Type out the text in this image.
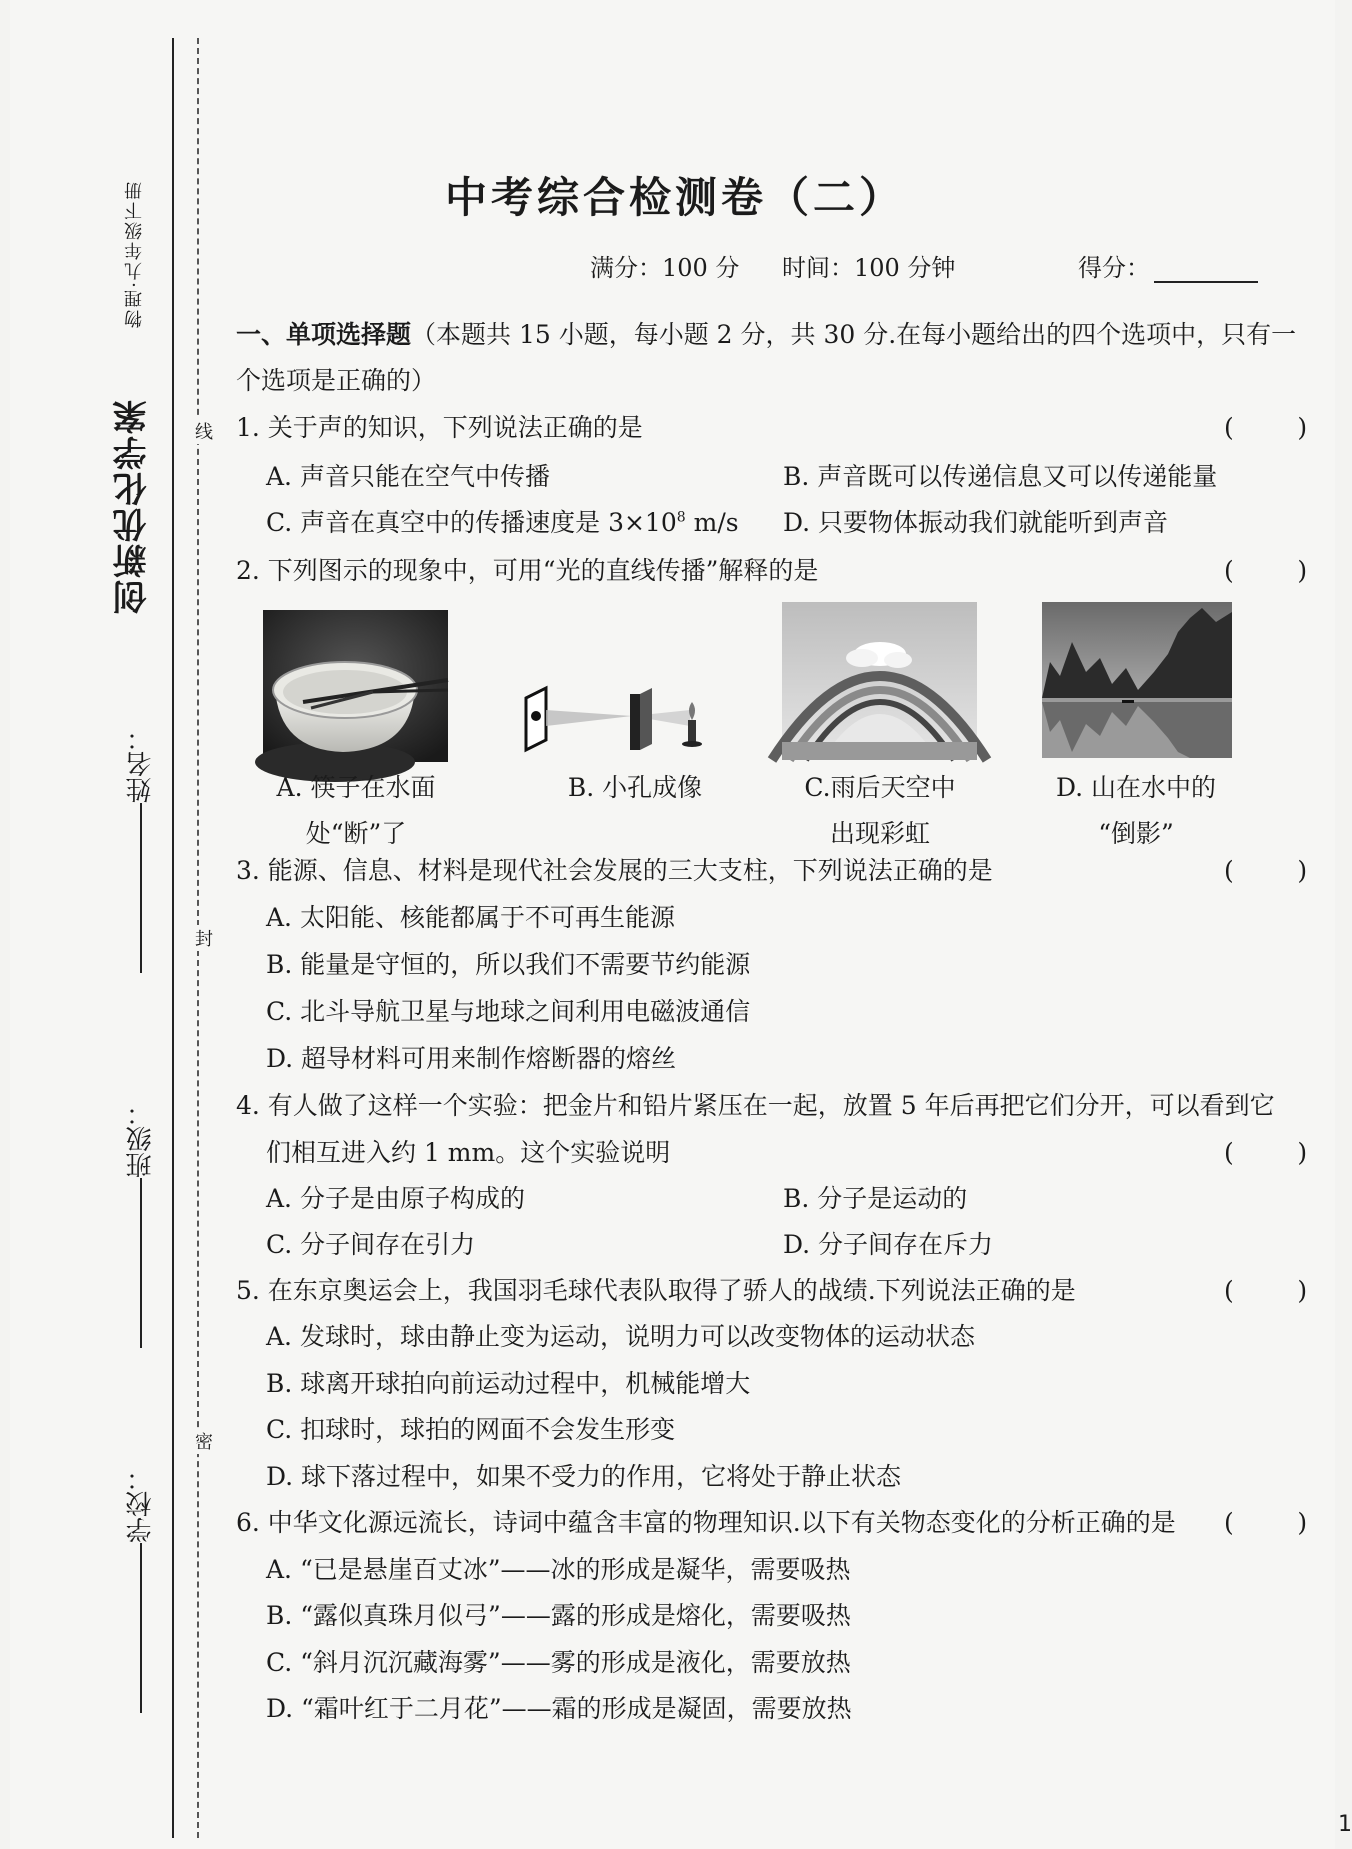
物理·九年级下册
创新优化学案
姓名：
班级：
学校：
线
封
密
中考综合检测卷（二）
满分：100 分 时间：100 分钟	得分：
一、单项选择题（本题共 15 小题，每小题 2 分，共 30 分.在每小题给出的四个选项中，只有一
个选项是正确的）
1. 关于声的知识，下列说法正确的是	(        )
A. 声音只能在空气中传播	B. 声音既可以传递信息又可以传递能量
C. 声音在真空中的传播速度是 $3\times 10^8$ m/s D. 只要物体振动我们就能听到声音
2. 下列图示的现象中，可用“光的直线传播”解释的是	(        )
A. 筷子在水面
处“断”了
B. 小孔成像	C.雨后天空中
出现彩虹
D. 山在水中的
“倒影”
3. 能源、信息、材料是现代社会发展的三大支柱，下列说法正确的是	(        )
A. 太阳能、核能都属于不可再生能源
B. 能量是守恒的，所以我们不需要节约能源
C. 北斗导航卫星与地球之间利用电磁波通信
D. 超导材料可用来制作熔断器的熔丝
4. 有人做了这样一个实验：把金片和铅片紧压在一起，放置 5 年后再把它们分开，可以看到它
们相互进入约 1 mm。这个实验说明	(        )
A. 分子是由原子构成的	B. 分子是运动的
C. 分子间存在引力	D. 分子间存在斥力
5. 在东京奥运会上，我国羽毛球代表队取得了骄人的战绩.下列说法正确的是	(        )
A. 发球时，球由静止变为运动，说明力可以改变物体的运动状态
B. 球离开球拍向前运动过程中，机械能增大
C. 扣球时，球拍的网面不会发生形变
D. 球下落过程中，如果不受力的作用，它将处于静止状态
6. 中华文化源远流长，诗词中蕴含丰富的物理知识.以下有关物态变化的分析正确的是 (        )
A. “已是悬崖百丈冰”——冰的形成是凝华，需要吸热
B. “露似真珠月似弓”——露的形成是熔化，需要吸热
C. “斜月沉沉藏海雾”——雾的形成是液化，需要放热
D. “霜叶红于二月花”——霜的形成是凝固，需要放热
1
